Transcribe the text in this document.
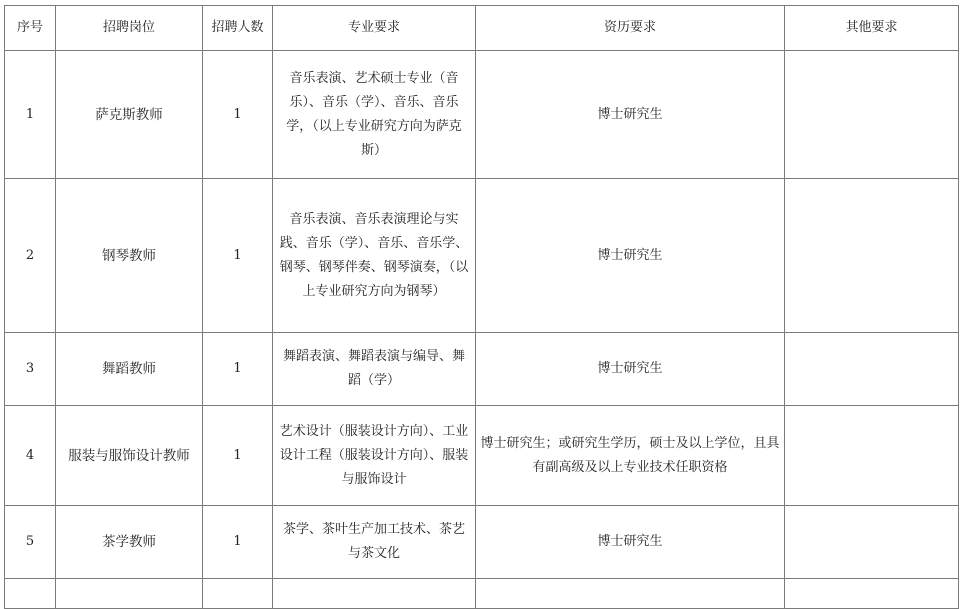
序号	招聘岗位	招聘人数	专业要求	资历要求	其他要求
1	萨克斯教师	1	音乐表演、艺术硕士专业（音乐）、音乐（学）、音乐、音乐学，（以上专业研究方向为萨克斯）	博士研究生	
2	钢琴教师	1	音乐表演、音乐表演理论与实践、音乐（学）、音乐、音乐学、钢琴、钢琴伴奏、钢琴演奏，（以上专业研究方向为钢琴）	博士研究生	
3	舞蹈教师	1	舞蹈表演、舞蹈表演与编导、舞蹈（学）	博士研究生	
4	服装与服饰设计教师	1	艺术设计（服装设计方向）、工业设计工程（服装设计方向）、服装与服饰设计	博士研究生；或研究生学历，硕士及以上学位，且具有副高级及以上专业技术任职资格	
5	茶学教师	1	茶学、茶叶生产加工技术、茶艺与茶文化	博士研究生	
